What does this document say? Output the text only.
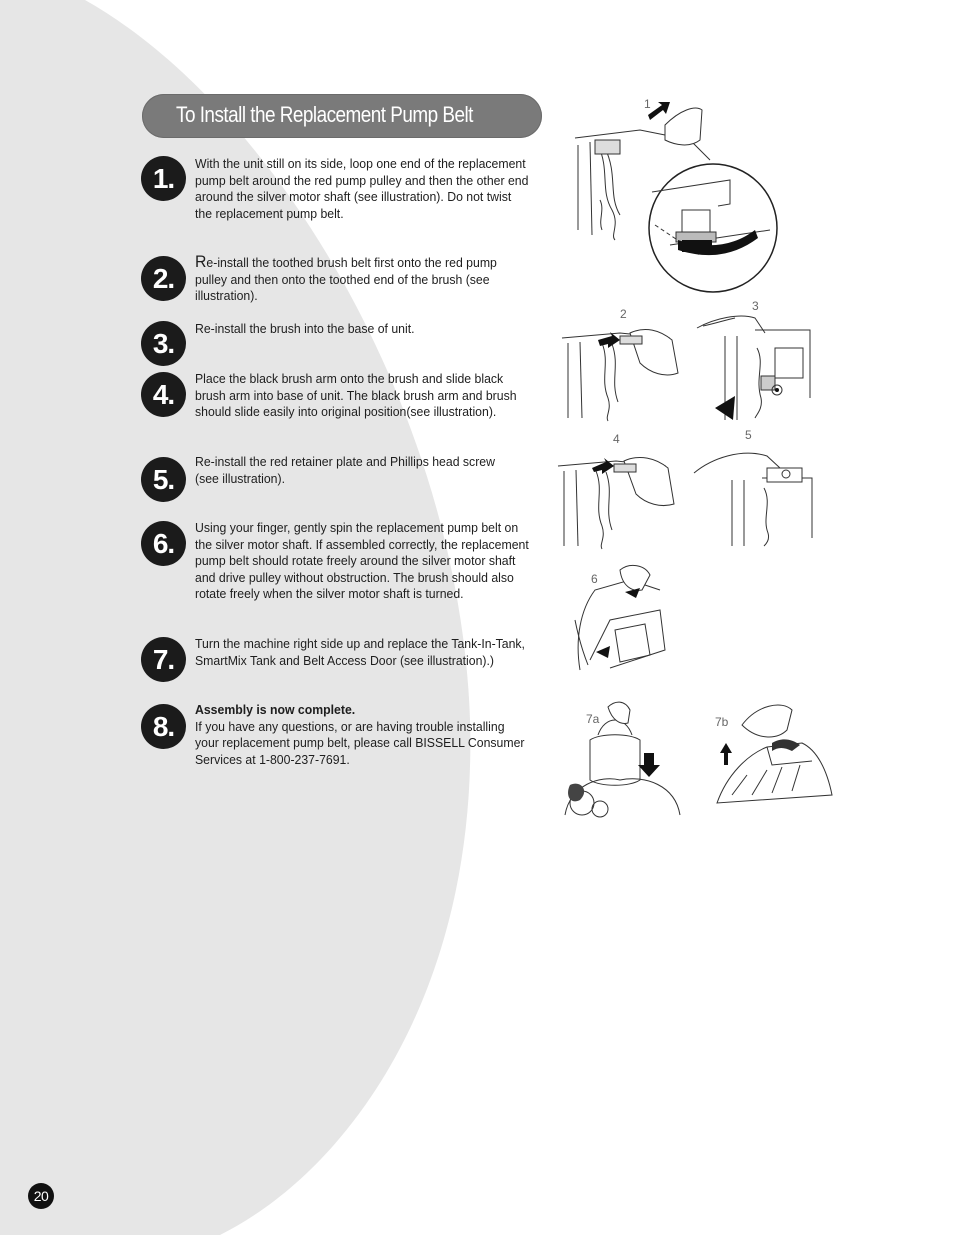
To Install the Replacement Pump Belt
1.	With the unit still on its side, loop one end of the replacement pump belt around the red pump pulley and then the other end around the silver motor shaft (see illustration). Do not twist the replacement pump belt.
2.
Re-install the toothed brush belt first onto the red pump pulley and then onto the toothed end of the brush (see illustration).
3.	Re-install the brush into the base of unit.
4.
Place the black brush arm onto the brush and slide black brush arm into base of unit. The black brush arm and brush should slide easily into original position(see illustration).
5.
Re-install the red retainer plate and Phillips head screw
(see illustration).
6.
Using your finger, gently spin the replacement pump belt on the silver motor shaft. If assembled correctly, the replacement pump belt should rotate freely around the silver motor shaft and drive pulley without obstruction. The brush should also rotate freely when the silver motor shaft is turned.
7.
Turn the machine right side up and replace the Tank-In-Tank, SmartMix Tank and Belt Access Door (see illustration).)
8.
Assembly is now complete.
If you have any questions, or are having trouble installing your replacement pump belt, please call BISSELL Consumer Services at 1-800-237-7691.
1
2
3
4	5
6
7a	7b
20
